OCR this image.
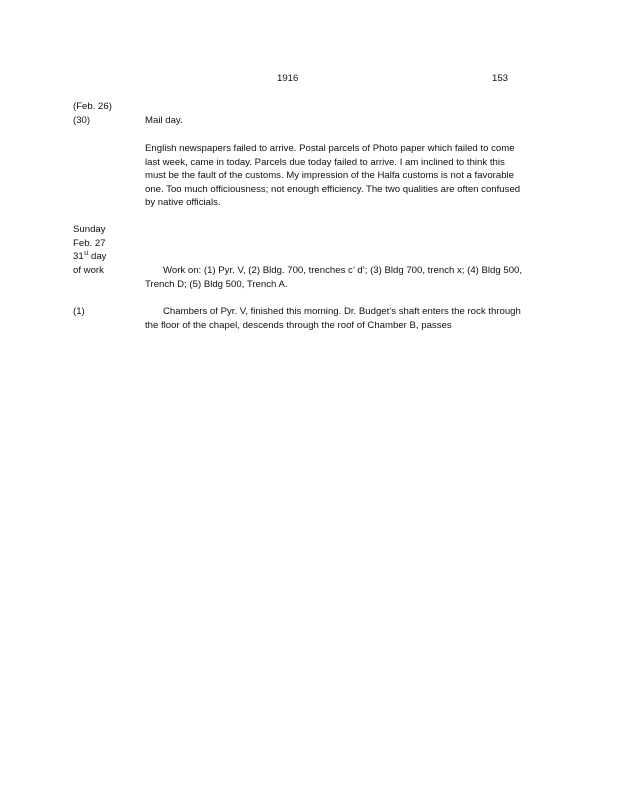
1916	153
(Feb. 26)
(30)	Mail day.
English newspapers failed to arrive. Postal parcels of Photo paper which failed to come
last week, came in today. Parcels due today failed to arrive. I am inclined to think this
must be the fault of the customs. My impression of the Halfa customs is not a favorable
one. Too much officiousness; not enough efficiency. The two qualities are often confused
by native officials.
Sunday
Feb. 27
31st day
of work	Work on: (1) Pyr. V, (2) Bldg. 700, trenches c’ d’; (3) Bldg 700, trench x; (4) Bldg 500,
Trench D; (5) Bldg 500, Trench A.
(1)	Chambers of Pyr. V, finished this morning. Dr. Budget’s shaft enters the rock through
the floor of the chapel, descends through the roof of Chamber B, passes
